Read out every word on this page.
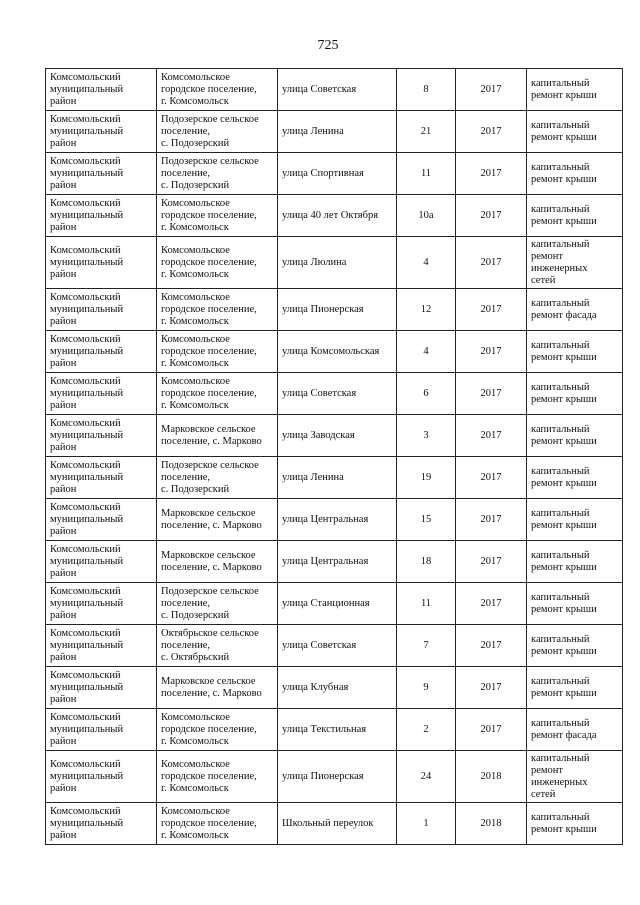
725
Комсомольский
муниципальный
район	Комсомольское
городское поселение,
г. Комсомольск	улица Советская	8	2017	капитальный
ремонт крыши
Комсомольский
муниципальный
район	Подозерское сельское
поселение,
с. Подозерский	улица Ленина	21	2017	капитальный
ремонт крыши
Комсомольский
муниципальный
район	Подозерское сельское
поселение,
с. Подозерский	улица Спортивная	11	2017	капитальный
ремонт крыши
Комсомольский
муниципальный
район	Комсомольское
городское поселение,
г. Комсомольск	улица 40 лет Октября	10а	2017	капитальный
ремонт крыши
Комсомольский
муниципальный
район	Комсомольское
городское поселение,
г. Комсомольск	улица Люлина	4	2017	капитальный
ремонт
инженерных
сетей
Комсомольский
муниципальный
район	Комсомольское
городское поселение,
г. Комсомольск	улица Пионерская	12	2017	капитальный
ремонт фасада
Комсомольский
муниципальный
район	Комсомольское
городское поселение,
г. Комсомольск	улица Комсомольская	4	2017	капитальный
ремонт крыши
Комсомольский
муниципальный
район	Комсомольское
городское поселение,
г. Комсомольск	улица Советская	6	2017	капитальный
ремонт крыши
Комсомольский
муниципальный
район	Марковское сельское
поселение, с. Марково	улица Заводская	3	2017	капитальный
ремонт крыши
Комсомольский
муниципальный
район	Подозерское сельское
поселение,
с. Подозерский	улица Ленина	19	2017	капитальный
ремонт крыши
Комсомольский
муниципальный
район	Марковское сельское
поселение, с. Марково	улица Центральная	15	2017	капитальный
ремонт крыши
Комсомольский
муниципальный
район	Марковское сельское
поселение, с. Марково	улица Центральная	18	2017	капитальный
ремонт крыши
Комсомольский
муниципальный
район	Подозерское сельское
поселение,
с. Подозерский	улица Станционная	11	2017	капитальный
ремонт крыши
Комсомольский
муниципальный
район	Октябрьское сельское
поселение,
с. Октябрьский	улица Советская	7	2017	капитальный
ремонт крыши
Комсомольский
муниципальный
район	Марковское сельское
поселение, с. Марково	улица Клубная	9	2017	капитальный
ремонт крыши
Комсомольский
муниципальный
район	Комсомольское
городское поселение,
г. Комсомольск	улица Текстильная	2	2017	капитальный
ремонт фасада
Комсомольский
муниципальный
район	Комсомольское
городское поселение,
г. Комсомольск	улица Пионерская	24	2018	капитальный
ремонт
инженерных
сетей
Комсомольский
муниципальный
район	Комсомольское
городское поселение,
г. Комсомольск	Школьный переулок	1	2018	капитальный
ремонт крыши
